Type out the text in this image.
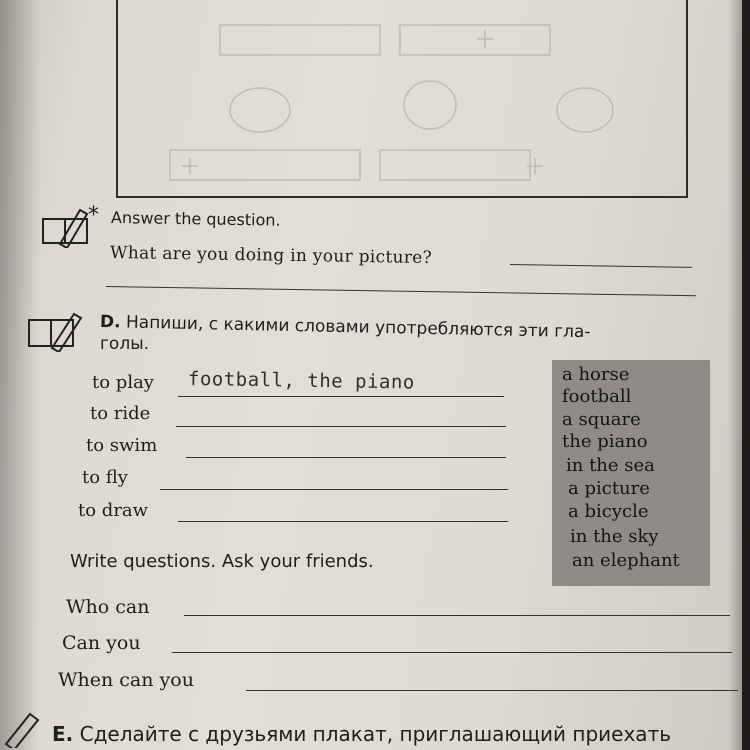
* Answer the question.
What are you doing in your picture?
D. Напиши, с какими словами употребляются эти гла-
голы.
to play football, the piano
to ride
to swim
to fly
to draw
a horse
football
a square
the piano
in the sea
a picture
a bicycle
in the sky
an elephant
Write questions. Ask your friends.
Who can
Can you
When can you
E. Сделайте с друзьями плакат, приглашающий приехать
